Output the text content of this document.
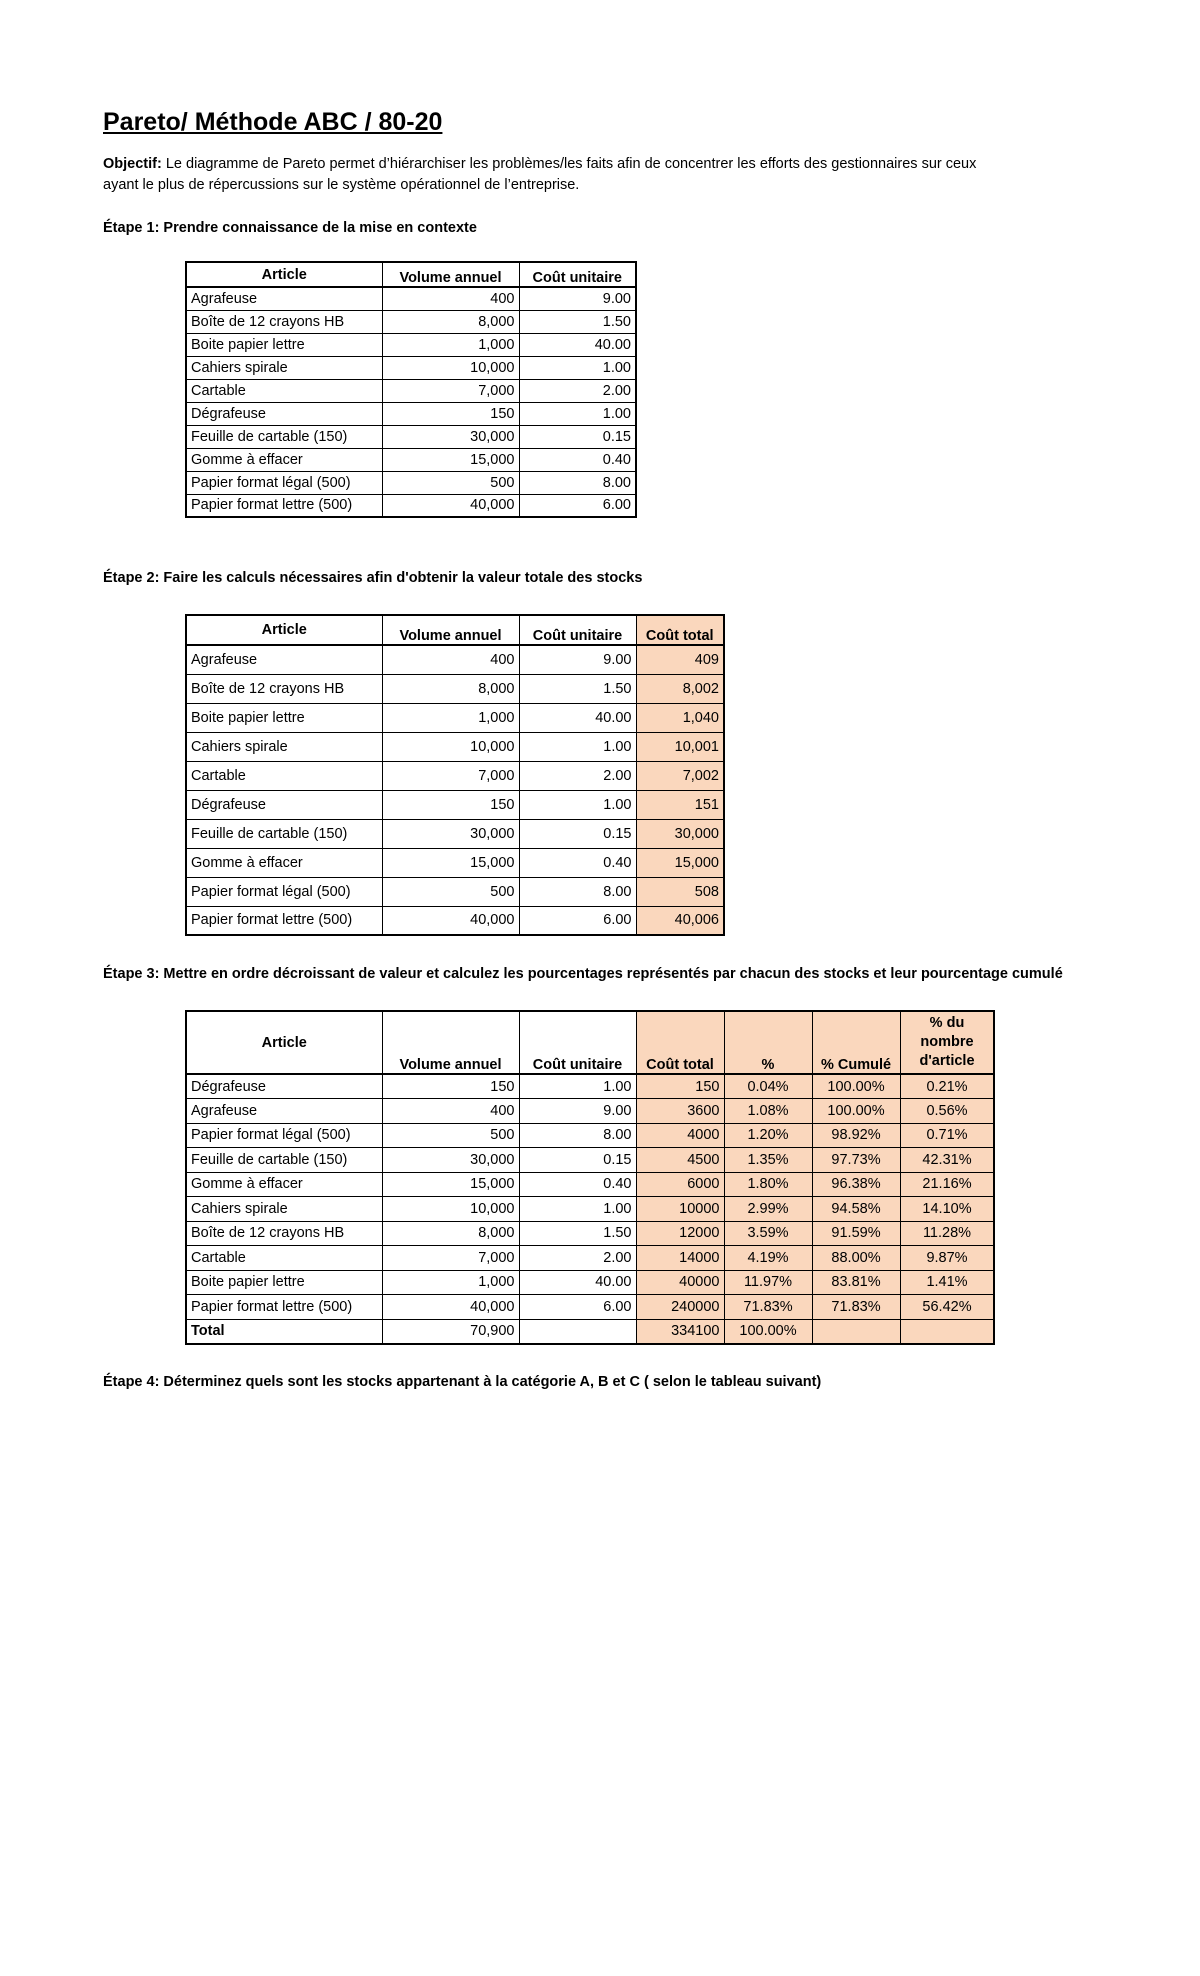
Pareto/ Méthode ABC / 80-20
Objectif: Le diagramme de Pareto permet d’hiérarchiser les problèmes/les faits afin de concentrer les efforts des gestionnaires sur ceux ayant le plus de répercussions sur le système opérationnel de l’entreprise.
Étape 1: Prendre connaissance de la mise en contexte
Article	Volume annuel	Coût unitaire
Agrafeuse	400	9.00
Boîte de 12 crayons HB	8,000	1.50
Boite papier lettre	1,000	40.00
Cahiers spirale	10,000	1.00
Cartable	7,000	2.00
Dégrafeuse	150	1.00
Feuille de cartable (150)	30,000	0.15
Gomme à effacer	15,000	0.40
Papier format légal (500)	500	8.00
Papier format lettre (500)	40,000	6.00
Étape 2: Faire les calculs nécessaires afin d'obtenir la valeur totale des stocks
Article	Volume annuel	Coût unitaire	Coût total
Agrafeuse	400	9.00	409
Boîte de 12 crayons HB	8,000	1.50	8,002
Boite papier lettre	1,000	40.00	1,040
Cahiers spirale	10,000	1.00	10,001
Cartable	7,000	2.00	7,002
Dégrafeuse	150	1.00	151
Feuille de cartable (150)	30,000	0.15	30,000
Gomme à effacer	15,000	0.40	15,000
Papier format légal (500)	500	8.00	508
Papier format lettre (500)	40,000	6.00	40,006
Étape 3: Mettre en ordre décroissant de valeur et calculez les pourcentages représentés par chacun des stocks et leur pourcentage cumulé
Article	Volume annuel	Coût unitaire	Coût total	%	% Cumulé	% du nombre d'article	
Dégrafeuse	150	1.00	150	0.04%	100.00%	0.21%	
Agrafeuse	400	9.00	3600	1.08%	100.00%	0.56%	
Papier format légal (500)	500	8.00	4000	1.20%	98.92%	0.71%	
Feuille de cartable (150)	30,000	0.15	4500	1.35%	97.73%	42.31%	
Gomme à effacer	15,000	0.40	6000	1.80%	96.38%	21.16%	
Cahiers spirale	10,000	1.00	10000	2.99%	94.58%	14.10%	
Boîte de 12 crayons HB	8,000	1.50	12000	3.59%	91.59%	11.28%	
Cartable	7,000	2.00	14000	4.19%	88.00%	9.87%	
Boite papier lettre	1,000	40.00	40000	11.97%	83.81%	1.41%	
Papier format lettre (500)	40,000	6.00	240000	71.83%	71.83%	56.42%	
Total	70,900		334100	100.00%			
Étape 4: Déterminez quels sont les stocks appartenant à la catégorie A, B et C ( selon le tableau suivant)
